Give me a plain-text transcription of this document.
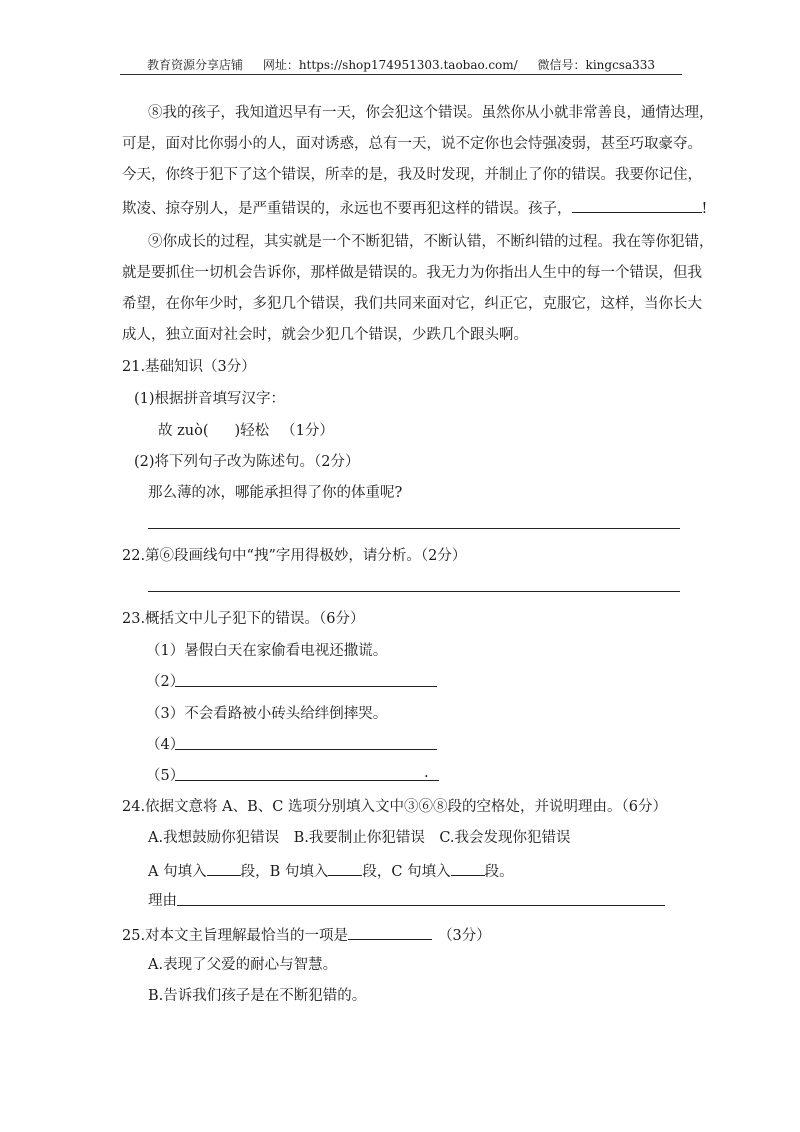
教育资源分享店铺 网址：https://shop174951303.taobao.com/ 微信号：kingcsa333
⑧我的孩子，我知道迟早有一天，你会犯这个错误。虽然你从小就非常善良，通情达理，
可是，面对比你弱小的人，面对诱惑，总有一天，说不定你也会恃强凌弱，甚至巧取豪夺。
今天，你终于犯下了这个错误，所幸的是，我及时发现，并制止了你的错误。我要你记住，
欺凌、掠夺别人，是严重错误的，永远也不要再犯这样的错误。孩子，	!
⑨你成长的过程，其实就是一个不断犯错，不断认错，不断纠错的过程。我在等你犯错，
就是要抓住一切机会告诉你，那样做是错误的。我无力为你指出人生中的每一个错误，但我
希望，在你年少时，多犯几个错误，我们共同来面对它，纠正它，克服它，这样，当你长大
成人，独立面对社会时，就会少犯几个错误，少跌几个跟头啊。
21.基础知识（3分）
(1)根据拼音填写汉字：
故 zuò( )轻松 （1分）
(2)将下列句子改为陈述句。（2分）
那么薄的冰，哪能承担得了你的体重呢?
22.第⑥段画线句中“拽”字用得极妙，请分析。（2分）
23.概括文中儿子犯下的错误。（6分）
（1）暑假白天在家偷看电视还撒谎。
（2）
（3）不会看路被小砖头给绊倒摔哭。
（4）
（5）	.
24.依据文意将 A、B、C 选项分别填入文中③⑥⑧段的空格处，并说明理由。（6分）
A.我想鼓励你犯错误　B.我要制止你犯错误　C.我会发现你犯错误
A 句填入 段，B 句填入 段，C 句填入 段。
理由
25.对本文主旨理解最恰当的一项是	（3分）
A.表现了父爱的耐心与智慧。
B.告诉我们孩子是在不断犯错的。
